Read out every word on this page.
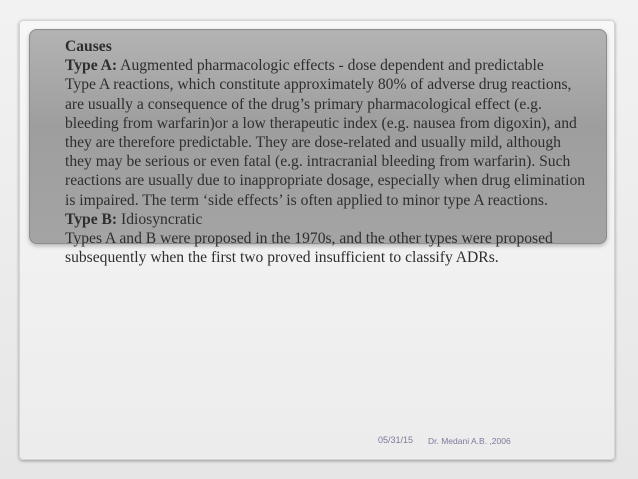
Causes

Type A: Augmented pharmacologic effects - dose dependent and predictable

Type A reactions, which constitute approximately 80% of adverse drug reactions, are usually a consequence of the drug’s primary pharmacological effect (e.g. bleeding from warfarin)or a low therapeutic index (e.g. nausea from digoxin), and they are therefore predictable. They are dose-related and usually mild, although they may be serious or even fatal (e.g. intracranial bleeding from warfarin). Such reactions are usually due to inappropriate dosage, especially when drug elimination is impaired. The term ‘side effects’ is often applied to minor type A reactions.

Type B: Idiosyncratic

Types A and B were proposed in the 1970s, and the other types were proposed subsequently when the first two proved insufficient to classify ADRs.

05/31/15 Dr. Medani A.B. ,2006
